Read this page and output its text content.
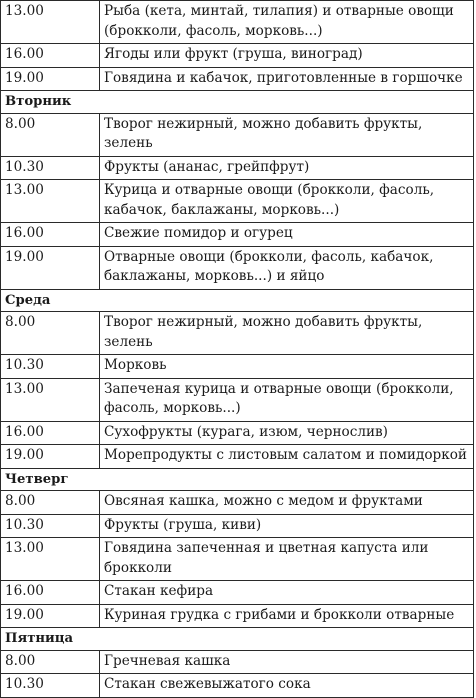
13.00	Рыба (кета, минтай, тилапия) и отварные овощи (брокколи, фасоль, морковь...)
16.00	Ягоды или фрукт (груша, виноград)
19.00	Говядина и кабачок, приготовленные в горшочке
Вторник	
8.00	Творог нежирный, можно добавить фрукты, зелень
10.30	Фрукты (ананас, грейпфрут)
13.00	Курица и отварные овощи (брокколи, фасоль, кабачок, баклажаны, морковь...)
16.00	Свежие помидор и огурец
19.00	Отварные овощи (брокколи, фасоль, кабачок, баклажаны, морковь...) и яйцо
Среда	
8.00	Творог нежирный, можно добавить фрукты, зелень
10.30	Морковь
13.00	Запеченая курица и отварные овощи (брокколи, фасоль, морковь...)
16.00	Сухофрукты (курага, изюм, чернослив)
19.00	Морепродукты с листовым салатом и помидоркой
Четверг	
8.00	Овсяная кашка, можно с медом и фруктами
10.30	Фрукты (груша, киви)
13.00	Говядина запеченная и цветная капуста или брокколи
16.00	Стакан кефира
19.00	Куриная грудка с грибами и брокколи отварные
Пятница	
8.00	Гречневая кашка
10.30	Стакан свежевыжатого сока
